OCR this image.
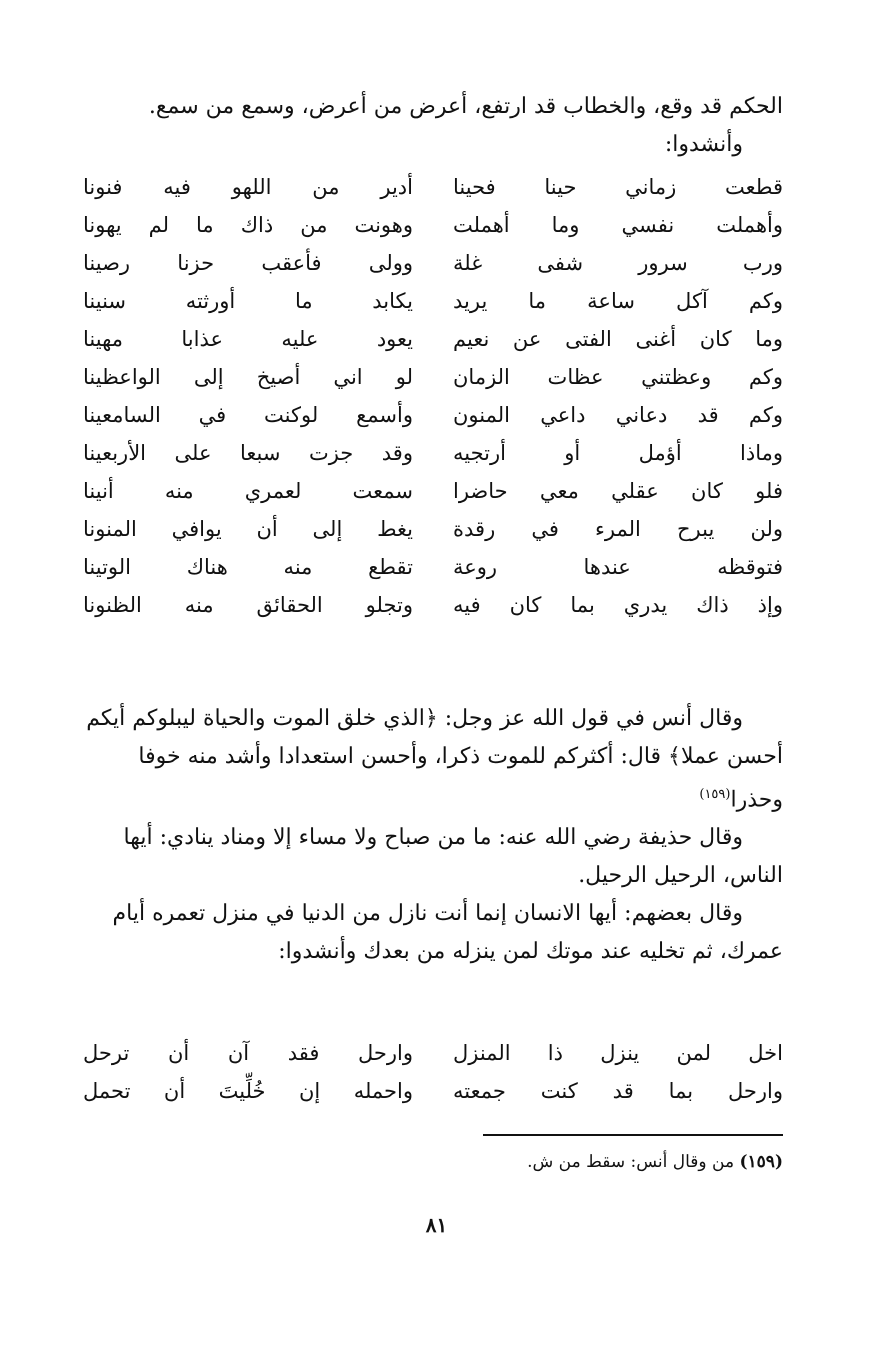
الحكم قد وقع، والخطاب قد ارتفع، أعرض من أعرض، وسمع من سمع.
وأنشدوا:
قطعت زماني حينا فحينا
أدير من اللهو فيه فنونا
وأهملت نفسي وما أهملت
وهونت من ذاك ما لم يهونا
ورب سرور شفى غلة
وولى فأعقب حزنا رصينا
وكم آكل ساعة ما يريد
يكابد ما أورثته سنينا
وما كان أغنى الفتى عن نعيم
يعود عليه عذابا مهينا
وكم وعظتني عظات الزمان
لو اني أصيخ إلى الواعظينا
وكم قد دعاني داعي المنون
وأسمع لوكنت في السامعينا
وماذا أؤمل أو أرتجيه
وقد جزت سبعا على الأربعينا
فلو كان عقلي معي حاضرا
سمعت لعمري منه أنينا
ولن يبرح المرء في رقدة
يغط إلى أن يوافي المنونا
فتوقظه عندها روعة
تقطع منه هناك الوتينا
وإذ ذاك يدري بما كان فيه
وتجلو الحقائق منه الظنونا
وقال أنس في قول الله عز وجل: ﴿الذي خلق الموت والحياة ليبلوكم أيكم
أحسن عملا﴾ قال: أكثركم للموت ذكرا، وأحسن استعدادا وأشد منه خوفا
وحذرا$^{(١٥٩)}$
وقال حذيفة رضي الله عنه: ما من صباح ولا مساء إلا ومناد ينادي: أيها
الناس، الرحيل الرحيل.
وقال بعضهم: أيها الانسان إنما أنت نازل من الدنيا في منزل تعمره أيام
عمرك، ثم تخليه عند موتك لمن ينزله من بعدك وأنشدوا:
اخل لمن ينزل ذا المنزل
وارحل فقد آن أن ترحل
وارحل بما قد كنت جمعته
واحمله إن خُلِّيتَ أن تحمل
(١٥٩) من وقال أنس: سقط من ش.
٨١
